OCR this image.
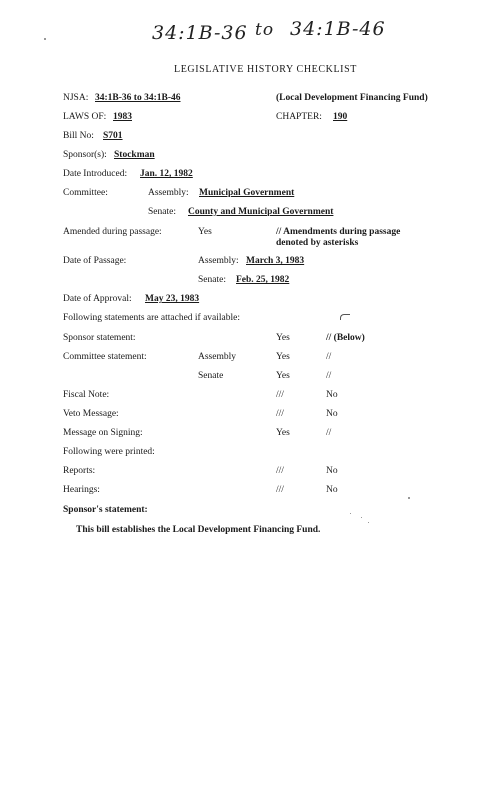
34:1B-36 to 34:1B-46
LEGISLATIVE HISTORY CHECKLIST
NJSA: 34:1B-36 to 34:1B-46	(Local Development Financing Fund)
LAWS OF: 1983	CHAPTER: 190
Bill No: S701
Sponsor(s): Stockman
Date Introduced: Jan. 12, 1982
Committee:	Assembly: Municipal Government
Senate: County and Municipal Government
Amended during passage:	Yes	// Amendments during passage
denoted by asterisks
Date of Passage:	Assembly: March 3, 1983
Senate: Feb. 25, 1982
Date of Approval: May 23, 1983
Following statements are attached if available:
Sponsor statement:	Yes	// (Below)
Committee statement:	Assembly	Yes	//
Senate	Yes	//
Fiscal Note:	///	No
Veto Message:	///	No
Message on Signing:	Yes	//
Following were printed:
Reports:	///	No
Hearings:	///	No
Sponsor's statement:
This bill establishes the Local Development Financing Fund.
